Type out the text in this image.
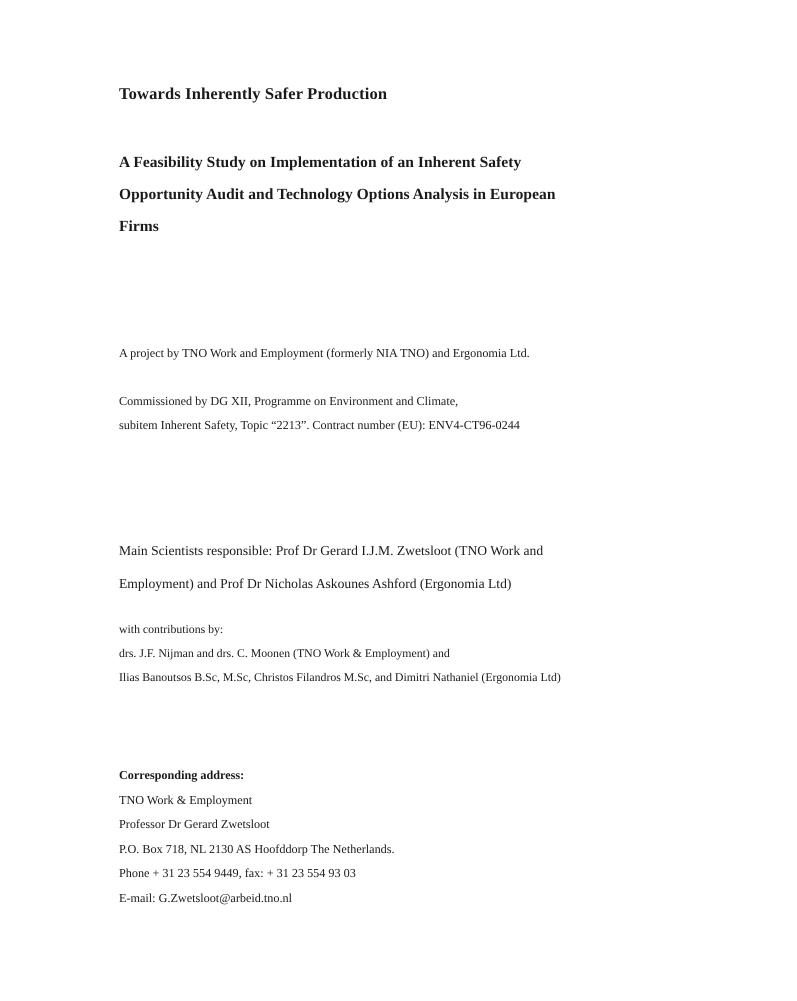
Towards Inherently Safer Production
A Feasibility Study on Implementation of an Inherent Safety
Opportunity Audit and Technology Options Analysis in European
Firms
A project by TNO Work and Employment (formerly NIA TNO) and Ergonomia Ltd.
Commissioned by DG XII, Programme on Environment and Climate,
subitem Inherent Safety, Topic “2213”. Contract number (EU): ENV4-CT96-0244
Main Scientists responsible: Prof Dr Gerard I.J.M. Zwetsloot (TNO Work and
Employment) and Prof Dr Nicholas Askounes Ashford (Ergonomia Ltd)
with contributions by:
drs. J.F. Nijman and drs. C. Moonen (TNO Work & Employment) and
Ilias Banoutsos B.Sc, M.Sc, Christos Filandros M.Sc, and Dimitri Nathaniel (Ergonomia Ltd)
Corresponding address:
TNO Work & Employment
Professor Dr Gerard Zwetsloot
P.O. Box 718, NL 2130 AS Hoofddorp The Netherlands.
Phone + 31 23 554 9449, fax: + 31 23 554 93 03
E-mail: G.Zwetsloot@arbeid.tno.nl
